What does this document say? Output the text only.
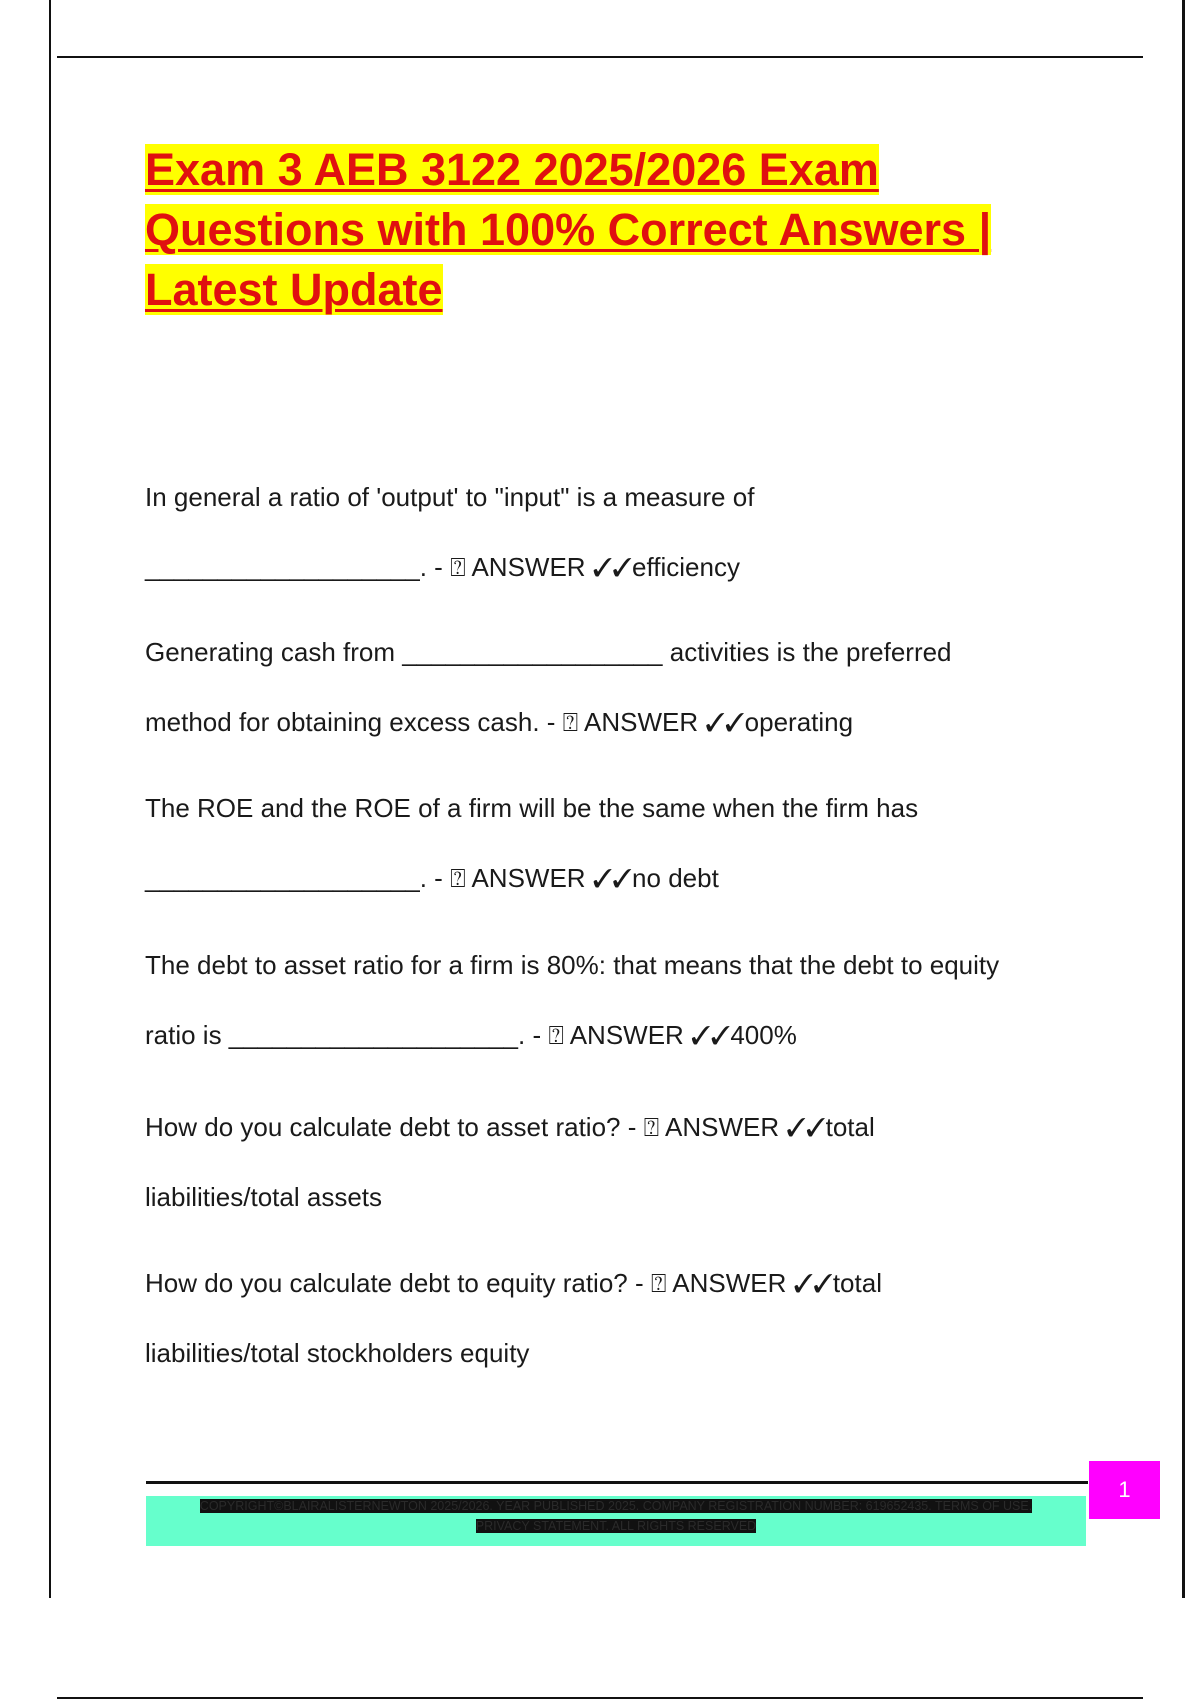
Exam 3 AEB 3122 2025/2026 Exam
Questions with 100% Correct Answers |
Latest Update

In general a ratio of 'output' to "input" is a measure of
___________________. - ⍰ ANSWER ✓✓efficiency

Generating cash from __________________ activities is the preferred
method for obtaining excess cash. - ⍰ ANSWER ✓✓operating

The ROE and the ROE of a firm will be the same when the firm has
___________________. - ⍰ ANSWER ✓✓no debt

The debt to asset ratio for a firm is 80%: that means that the debt to equity
ratio is ____________________. - ⍰ ANSWER ✓✓400%

How do you calculate debt to asset ratio? - ⍰ ANSWER ✓✓total
liabilities/total assets

How do you calculate debt to equity ratio? - ⍰ ANSWER ✓✓total
liabilities/total stockholders equity

COPYRIGHT©BLAIRALISTERNEWTON 2025/2026. YEAR PUBLISHED 2025. COMPANY REGISTRATION NUMBER: 619652435. TERMS OF USE.
PRIVACY STATEMENT. ALL RIGHTS RESERVED
1
